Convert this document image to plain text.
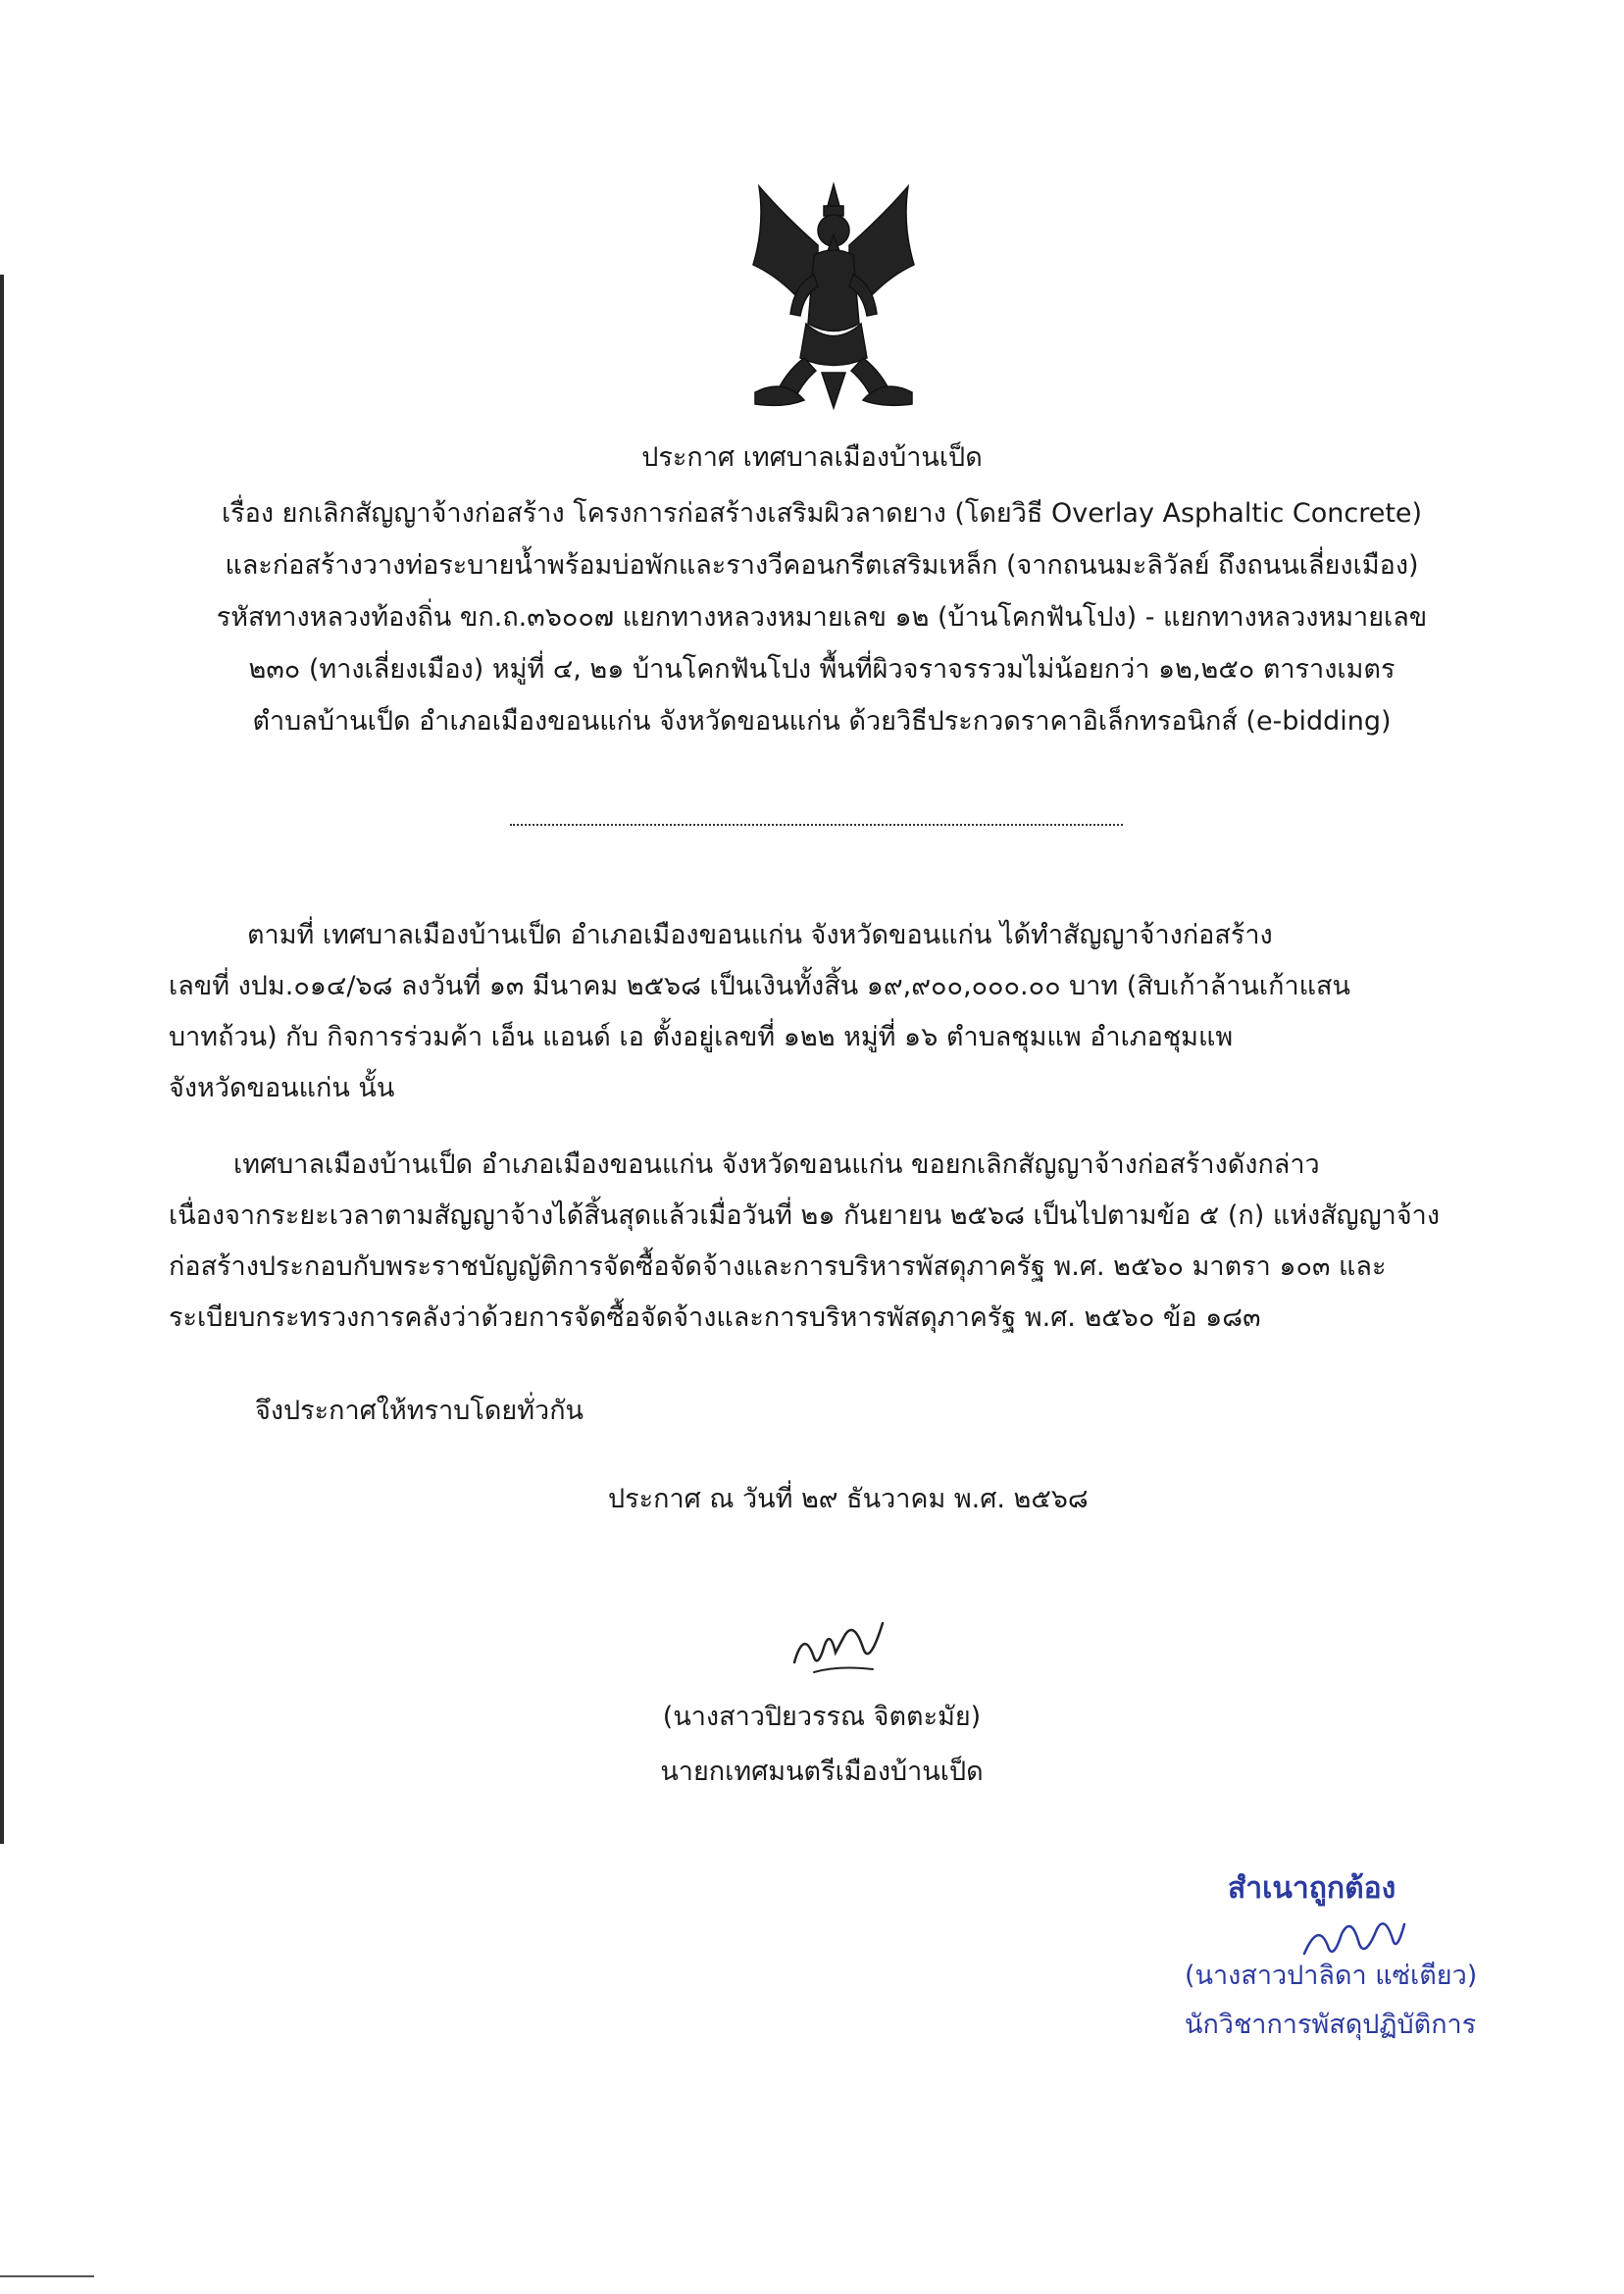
ประกาศ เทศบาลเมืองบ้านเป็ด

เรื่อง ยกเลิกสัญญาจ้างก่อสร้าง โครงการก่อสร้างเสริมผิวลาดยาง (โดยวิธี Overlay Asphaltic Concrete)

และก่อสร้างวางท่อระบายน้ำพร้อมบ่อพักและรางวีคอนกรีตเสริมเหล็ก (จากถนนมะลิวัลย์ ถึงถนนเลี่ยงเมือง)

รหัสทางหลวงท้องถิ่น ขก.ถ.๓๖๐๐๗ แยกทางหลวงหมายเลข ๑๒ (บ้านโคกฟันโปง) - แยกทางหลวงหมายเลข

๒๓๐ (ทางเลี่ยงเมือง) หมู่ที่ ๔, ๒๑ บ้านโคกฟันโปง พื้นที่ผิวจราจรรวมไม่น้อยกว่า ๑๒,๒๕๐ ตารางเมตร

ตำบลบ้านเป็ด อำเภอเมืองขอนแก่น จังหวัดขอนแก่น ด้วยวิธีประกวดราคาอิเล็กทรอนิกส์ (e-bidding)

ตามที่ เทศบาลเมืองบ้านเป็ด อำเภอเมืองขอนแก่น จังหวัดขอนแก่น ได้ทำสัญญาจ้างก่อสร้าง

เลขที่ งปม.๐๑๔/๖๘ ลงวันที่ ๑๓ มีนาคม ๒๕๖๘ เป็นเงินทั้งสิ้น ๑๙,๙๐๐,๐๐๐.๐๐ บาท (สิบเก้าล้านเก้าแสน

บาทถ้วน) กับ กิจการร่วมค้า เอ็น แอนด์ เอ ตั้งอยู่เลขที่ ๑๒๒ หมู่ที่ ๑๖ ตำบลชุมแพ อำเภอชุมแพ

จังหวัดขอนแก่น นั้น

เทศบาลเมืองบ้านเป็ด อำเภอเมืองขอนแก่น จังหวัดขอนแก่น ขอยกเลิกสัญญาจ้างก่อสร้างดังกล่าว

เนื่องจากระยะเวลาตามสัญญาจ้างได้สิ้นสุดแล้วเมื่อวันที่ ๒๑ กันยายน ๒๕๖๘ เป็นไปตามข้อ ๕ (ก) แห่งสัญญาจ้าง

ก่อสร้างประกอบกับพระราชบัญญัติการจัดซื้อจัดจ้างและการบริหารพัสดุภาครัฐ พ.ศ. ๒๕๖๐ มาตรา ๑๐๓ และ

ระเบียบกระทรวงการคลังว่าด้วยการจัดซื้อจัดจ้างและการบริหารพัสดุภาครัฐ พ.ศ. ๒๕๖๐ ข้อ ๑๘๓

จึงประกาศให้ทราบโดยทั่วกัน
ประกาศ ณ วันที่ ๒๙ ธันวาคม พ.ศ. ๒๕๖๘
(นางสาวปิยวรรณ จิตตะมัย)
นายกเทศมนตรีเมืองบ้านเป็ด
สำเนาถูกต้อง
(นางสาวปาลิดา แซ่เตียว)
นักวิชาการพัสดุปฏิบัติการ
